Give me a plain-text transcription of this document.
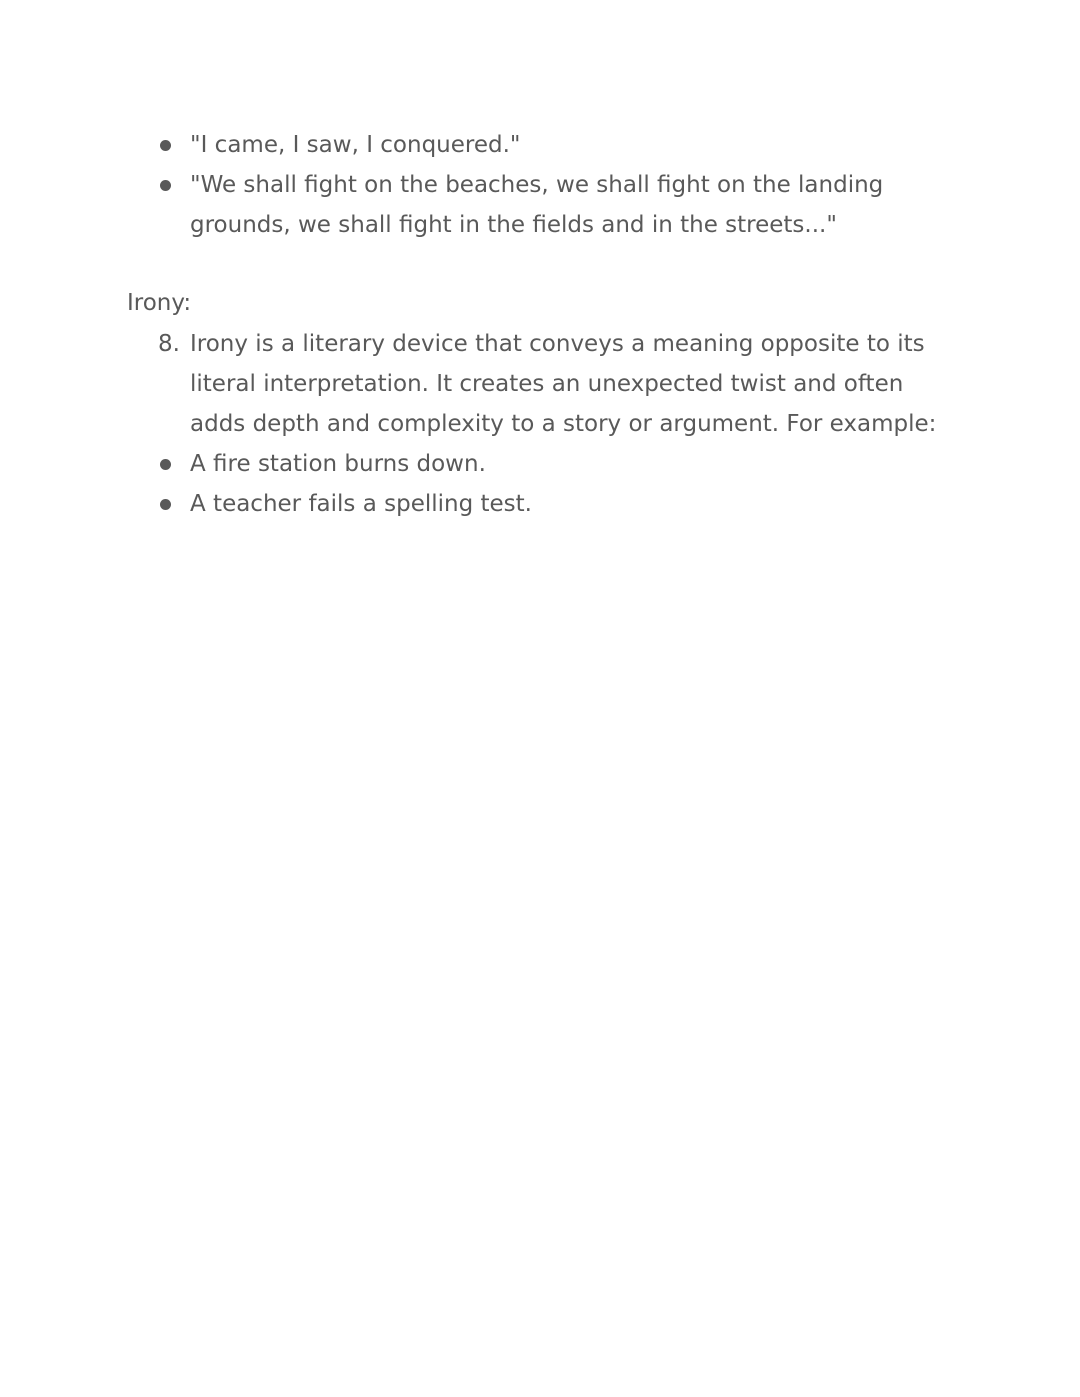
"I came, I saw, I conquered."
"We shall fight on the beaches, we shall fight on the landing grounds, we shall fight in the fields and in the streets..."
Irony:
8. Irony is a literary device that conveys a meaning opposite to its literal interpretation. It creates an unexpected twist and often adds depth and complexity to a story or argument. For example:
A fire station burns down.
A teacher fails a spelling test.
